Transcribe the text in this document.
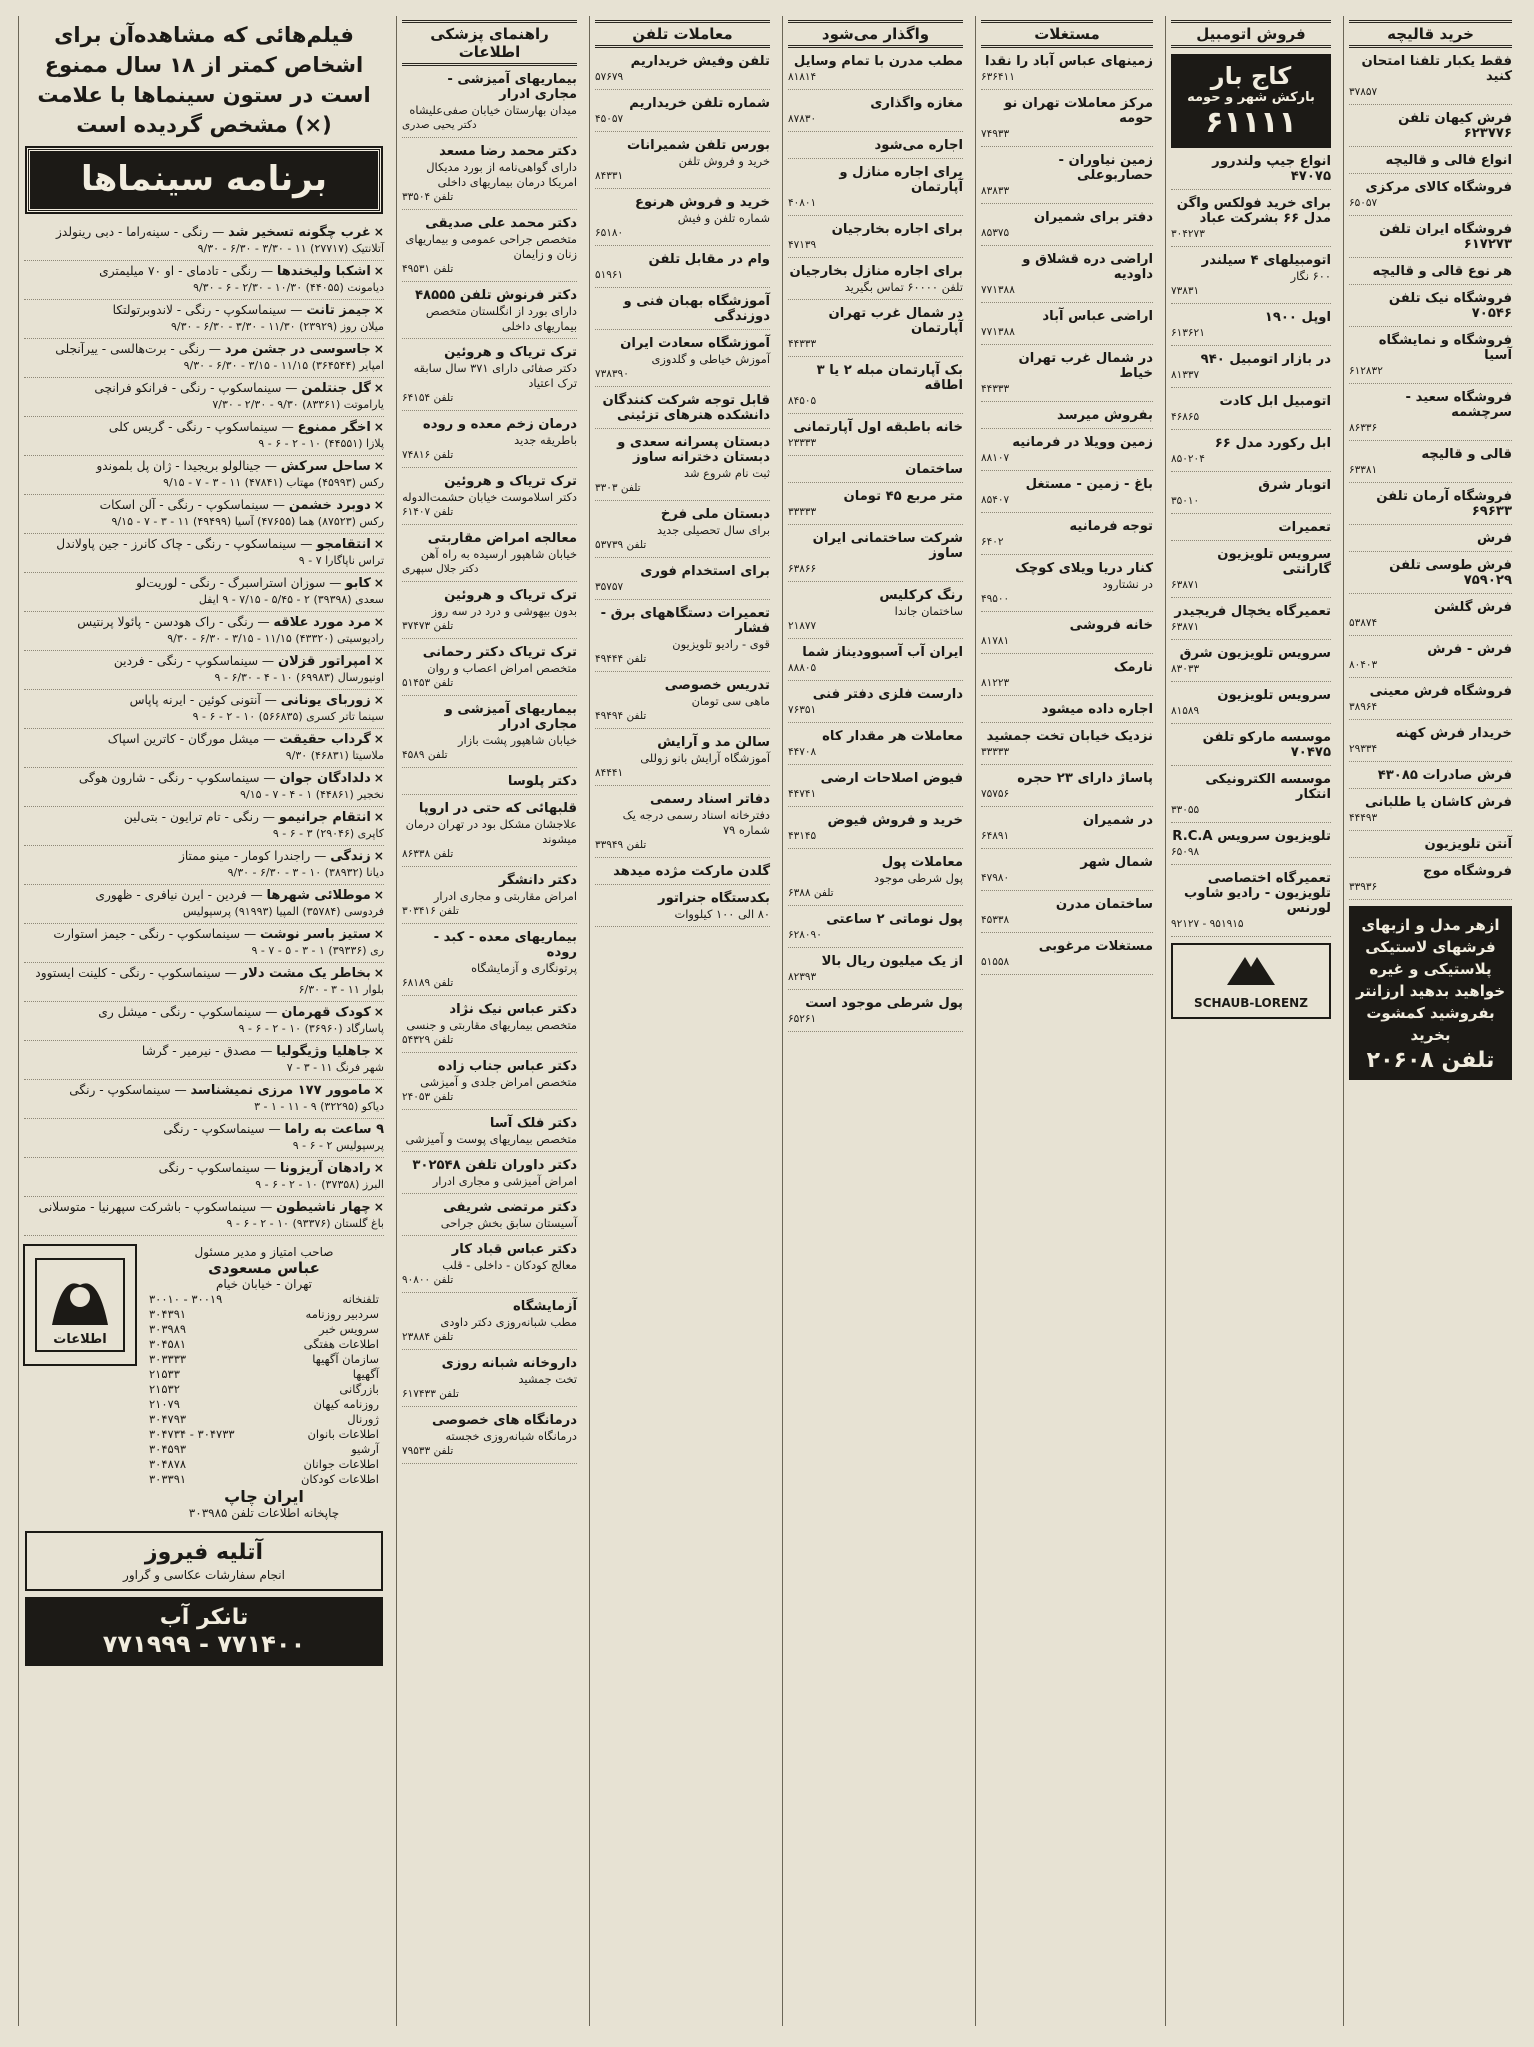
فیلم‌هائی که مشاهده‌آن برای اشخاص کمتر از ۱۸ سال ممنوع است در ستون سینماها با علامت (×) مشخص گردیده است
برنامه سینماها
×غرب چگونه تسخیر شد — رنگی - سینه‌راما - دبی رینولدز
آتلانتیک (۲۷۷۱۷) ۱۱ - ۳/۳۰ - ۶/۳۰ - ۹/۳۰
×اشکبا ولیخندها — رنگی - تادمای - او ۷۰ میلیمتری
دیامونت (۴۴۰۵۵) ۱۰/۳۰ - ۲/۳۰ - ۶ - ۹/۳۰
×جیمز تانت — سینماسکوپ - رنگی - لاندوبرتولتکا
میلان روز (۲۳۹۲۹) ۱۱/۳۰ - ۳/۳۰ - ۶/۳۰ - ۹/۳۰
×جاسوسی در جشن مرد — رنگی - برت‌هالسی - ییرآنجلی
امپایر (۳۶۴۵۴۴) ۱۱/۱۵ - ۳/۱۵ - ۶/۳۰ - ۹/۳۰
×گل جنتلمن — سینماسکوپ - رنگی - فرانکو فرانچی
یاراموتت (۸۳۳۶۱) ۹/۳۰ - ۲/۳۰ - ۷/۳۰
×اخگر ممنوع — سینماسکوپ - رنگی - گریس کلی
پلازا (۴۴۵۵۱) ۱۰ - ۲ - ۶ - ۹
×ساحل سرکش — جینالولو بریجیدا - ژان پل بلموندو
رکس (۴۵۹۹۳) مهتاب (۴۷۸۴۱) ۱۱ - ۳ - ۷ - ۹/۱۵
×دوبرد خشمن — سینماسکوپ - رنگی - آلن اسکات
رکس (۸۷۵۲۳) هما (۴۷۶۵۵) آسیا (۴۹۴۹۹) ۱۱ - ۳ - ۷ - ۹/۱۵
×انتقامجو — سینماسکوپ - رنگی - چاک کانرز - جین پاولاندل
تراس ناپاگارا ۷ - ۹
×کابو — سوزان استراسبرگ - رنگی - لوریت‌لو
سعدی (۳۹۳۹۸) ۲ - ۵/۴۵ - ۷/۱۵ - ۹ ایفل
×مرد مورد علاقه — رنگی - راک هودسن - پائولا پرنتیس
رادیوسیتی (۴۳۳۲۰) ۱۱/۱۵ - ۳/۱۵ - ۶/۳۰ - ۹/۳۰
×امپراتور قزلان — سینماسکوپ - رنگی - فردین
اونیورسال (۶۹۹۸۳) ۱۰ - ۴ - ۶/۳۰ - ۹
×زوربای یونانی — آنتونی کوئین - ایرنه پاپاس
سینما تاتر کسری (۵۶۶۸۳۵) ۱۰ - ۲ - ۶ - ۹
×گرداب حقیقت — میشل مورگان - کاترین اسپاک
ملاسیتا (۴۶۸۳۱) ۹/۳۰
×دلدادگان جوان — سینماسکوپ - رنگی - شارون هوگی
نخجیر (۴۴۸۶۱) ۱ - ۴ - ۷ - ۹/۱۵
×انتقام جرانیمو — رنگی - تام ترایون - بتی‌لین
کاپری (۲۹۰۴۶) ۳ - ۶ - ۹
×زندگی — راجندرا کومار - مینو ممتاز
دیانا (۳۸۹۳۲) ۱۰ - ۳ - ۶/۳۰ - ۹/۳۰
×موطلائی شهرها — فردین - ایرن نیافری - ظهوری
فردوسی (۳۵۷۸۴) المپیا (۹۱۹۹۳) پرسپولیس
×ستیز باسر نوشت — سینماسکوپ - رنگی - جیمز استوارت
ری (۳۹۳۳۶) ۱ - ۳ - ۵ - ۷ - ۹
×بخاطر یک مشت دلار — سینماسکوپ - رنگی - کلینت ایستوود
بلوار ۱۱ - ۳ - ۶/۳۰
×کودک قهرمان — سینماسکوپ - رنگی - میشل ری
پاسارگاد (۳۶۹۶۰) ۱۰ - ۲ - ۶ - ۹
×جاهلیا وژیگولیا — مصدق - نیرمیر - گرشا
شهر فرنگ ۱۱ - ۳ - ۷
×ماموور ۱۷۷ مرزی نمیشناسد — سینماسکوپ - رنگی
دیاکو (۳۲۲۹۵) ۹ - ۱۱ - ۱ - ۳
۹ ساعت به راما — سینماسکوپ - رنگی
پرسپولیس ۲ - ۶ - ۹
×رادهان آریزونا — سینماسکوپ - رنگی
البرز (۳۷۳۵۸) ۱۰ - ۲ - ۶ - ۹
×چهار ناشیطون — سینماسکوپ - باشرکت سپهرنیا - متوسلانی
باغ گلستان (۹۳۳۷۶) ۱۰ - ۲ - ۶ - ۹
اطلاعات
صاحب امتیاز و مدیر مسئول
عباس مسعودی
تهران - خیابان خیام
تلفنخانه
۳۰۰۱۹ - ۳۰۰۱۰
سردبیر روزنامه
۳۰۴۳۹۱
سرویس خبر
۳۰۳۹۸۹
اطلاعات هفتگی
۳۰۴۵۸۱
سازمان آگهیها
۳۰۳۳۳۳
آگهیها
۲۱۵۳۳
بازرگانی
۲۱۵۳۲
روزنامه کیهان
۲۱۰۷۹
ژورنال
۳۰۴۷۹۳
اطلاعات بانوان
۳۰۴۷۳۳ - ۳۰۴۷۳۴
آرشیو
۳۰۴۵۹۳
اطلاعات جوانان
۳۰۴۸۷۸
اطلاعات کودکان
۳۰۳۳۹۱
ایران چاپ
چاپخانه اطلاعات تلفن ۳۰۳۹۸۵
آتلیه فیروز
انجام سفارشات عکاسی و گراور
تانکر آب
۷۷۱۹۹۹ - ۷۷۱۴۰۰
راهنمای پزشکی اطلاعات
بیماریهای آمیزشی - مجاری ادرار
میدان بهارستان خیابان صفی‌علیشاه
دکتر یحیی صدری
دکتر محمد رضا مسعد
دارای گواهی‌نامه از بورد مدیکال امریکا درمان بیماریهای داخلی
تلفن ۳۳۵۰۴
دکتر محمد علی صدیقی
متخصص جراحی عمومی و بیماریهای زنان و زایمان
تلفن ۴۹۵۳۱
دکتر فرنوش تلفن ۴۸۵۵۵
دارای بورد از انگلستان متخصص بیماریهای داخلی
ترک تریاک و هروئین
دکتر صفائی دارای ۳۷۱ سال سابقه ترک اعتیاد
تلفن ۶۴۱۵۴
درمان زخم معده و روده
باطریقه جدید
تلفن ۷۴۸۱۶
ترک تریاک و هروئین
دکتر اسلاموست خیابان حشمت‌الدوله
تلفن ۶۱۴۰۷
معالجه امراض مقاربتی
خیابان شاهپور ارسیده به راه آهن
دکتر جلال سپهری
ترک تریاک و هروئین
بدون بیهوشی و درد در سه روز
تلفن ۳۷۴۷۳
ترک تریاک دکتر رحمانی
متخصص امراض اعصاب و روان
تلفن ۵۱۴۵۳
بیماریهای آمیزشی و مجاری ادرار
خیابان شاهپور پشت بازار
تلفن ۴۵۸۹
دکتر پلوسا
قلبهائی که حتی در اروپا
علاجشان مشکل بود در تهران درمان میشوند
تلفن ۸۶۳۳۸
دکتر دانشگر
امراض مقاربتی و مجاری ادرار
تلفن ۳۰۳۴۱۶
بیماریهای معده - کبد - روده
پرتونگاری و آزمایشگاه
تلفن ۶۸۱۸۹
دکتر عباس نیک نژاد
متخصص بیماریهای مقاربتی و جنسی
تلفن ۵۴۳۲۹
دکتر عباس جناب زاده
متخصص امراض جلدی و آمیزشی
تلفن ۲۴۰۵۳
دکتر فلک آسا
متخصص بیماریهای پوست و آمیزشی
دکتر داوران تلفن ۳۰۲۵۴۸
امراض آمیزشی و مجاری ادرار
دکتر مرتضی شریفی
آسیستان سابق بخش جراحی
دکتر عباس قباد کار
معالج کودکان - داخلی - قلب
تلفن ۹۰۸۰۰
آزمایشگاه
مطب شبانه‌روزی دکتر داودی
تلفن ۲۳۸۸۴
داروخانه شبانه روزی
تخت جمشید
تلفن ۶۱۷۴۳۳
درمانگاه های خصوصی
درمانگاه شبانه‌روزی خجسته
تلفن ۷۹۵۳۳
معاملات تلفن
تلفن وفیش خریداریم
۵۷۶۷۹
شماره تلفن خریداریم
۴۵۰۵۷
بورس تلفن شمیرانات
خرید و فروش تلفن
۸۴۳۳۱
خرید و فروش هرنوع
شماره تلفن و فیش
۶۵۱۸۰
وام در مقابل تلفن
۵۱۹۶۱
آموزشگاه بهبان فنی و دوزندگی
آموزشگاه سعادت ایران
آموزش خیاطی و گلدوزی
۷۳۸۳۹۰
قابل توجه شرکت کنندگان دانشکده هنرهای تزئینی
دبستان پسرانه سعدی و دبستان دخترانه ساوز
ثبت نام شروع شد
تلفن ۳۳۰۳
دبستان ملی فرخ
برای سال تحصیلی جدید
تلفن ۵۳۷۳۹
برای استخدام فوری
۳۵۷۵۷
تعمیرات دستگاههای برق - فشار
قوی - رادیو تلویزیون
تلفن ۴۹۴۴۴
تدریس خصوصی
ماهی سی تومان
تلفن ۴۹۴۹۴
سالن مد و آرایش
آموزشگاه آرایش بانو زوللی
۸۴۴۴۱
دفاتر اسناد رسمی
دفترخانه اسناد رسمی درجه یک شماره ۷۹
تلفن ۳۳۹۴۹
گلدن مارکت مژده میدهد
بکدستگاه جنراتور
۸۰ الی ۱۰۰ کیلووات
واگذار می‌شود
مطب مدرن با تمام وسایل
۸۱۸۱۴
مغازه واگذاری
۸۷۸۳۰
اجاره می‌شود
برای اجاره منازل و آپارتمان
۴۰۸۰۱
برای اجاره بخارجیان
۴۷۱۳۹
برای اجاره منازل بخارجیان
تلفن ۶۰۰۰۰ تماس بگیرید
در شمال غرب تهران آپارتمان
۴۴۳۳۳
بک آپارتمان مبله ۲ یا ۳ اطاقه
۸۴۵۰۵
خانه باطبقه اول آپارتمانی
۲۳۳۳۳
ساختمان
متر مربع ۴۵ تومان
۳۳۳۳۳
شرکت ساختمانی ایران ساوز
۶۳۸۶۶
رنگ کرکلیس
ساختمان جاندا
۲۱۸۷۷
ایران آب آسبوودیناز شما
۸۸۸۰۵
دارست فلزی دفتر فنی
۷۶۳۵۱
معاملات هر مقدار کاه
۴۴۷۰۸
فیوض اصلاحات ارضی
۴۴۷۴۱
خرید و فروش فیوض
۴۳۱۴۵
معاملات پول
پول شرطی موجود
تلفن ۶۳۸۸
پول نوماتی ۲ ساعتی
۶۲۸۰۹۰
از یک میلیون ریال بالا
۸۲۳۹۳
پول شرطی موجود است
۶۵۲۶۱
مستغلات
زمینهای عباس آباد را نقدا
۶۳۶۴۱۱
مرکز معاملات تهران نو حومه
۷۴۹۳۳
زمین نیاوران - حصاربوعلی
۸۳۸۳۳
دفتر برای شمیران
۸۵۳۷۵
اراضی دره قشلاق و داودیه
۷۷۱۳۸۸
اراضی عباس آباد
۷۷۱۳۸۸
در شمال غرب تهران خیاط
۴۴۳۳۳
بفروش میرسد
زمین وویلا در فرمانیه
۸۸۱۰۷
باغ - زمین - مستغل
۸۵۴۰۷
توجه فرمانیه
۶۴۰۲
کنار دریا ویلای کوچک
در نشتارود
۴۹۵۰۰
خانه فروشی
۸۱۷۸۱
نارمک
۸۱۲۲۳
اجاره داده میشود
نزدیک خیابان تخت جمشید
۳۳۳۳۳
پاساژ دارای ۲۳ حجره
۷۵۷۵۶
در شمیران
۶۴۸۹۱
شمال شهر
۴۷۹۸۰
ساختمان مدرن
۴۵۳۳۸
مستغلات مرغوبی
۵۱۵۵۸
فروش اتومبیل
کاج بار
بارکش شهر و حومه
۶۱۱۱۱
انواع جیپ ولندرور ۴۷۰۷۵
برای خرید فولکس واگن مدل ۶۶ بشرکت عباد
۳۰۴۲۷۳
اتومبیلهای ۴ سیلندر
۶۰۰ نگار
۷۳۸۳۱
اوپل ۱۹۰۰
۶۱۳۶۲۱
در بازار اتومبیل ۹۴۰
۸۱۳۳۷
اتومبیل ابل کادت
۴۶۸۶۵
ابل رکورد مدل ۶۶
۸۵۰۲۰۴
اتوبار شرق
۳۵۰۱۰
تعمیرات
سرویس تلویزیون گارانتی
۶۳۸۷۱
تعمیرگاه یخچال فریجیدر
۶۳۸۷۱
سرویس تلویزیون شرق
۸۳۰۳۳
سرویس تلویزیون
۸۱۵۸۹
موسسه مارکو تلفن ۷۰۴۷۵
موسسه الکترونیکی انتکار
۳۳۰۵۵
تلویزیون سرویس R.C.A
۶۵۰۹۸
تعمیرگاه اختصاصی تلویزیون - رادیو شاوب لورنس
۹۲۱۲۷ - ۹۵۱۹۱۵
SCHAUB-LORENZ
خرید قالیچه
فقط یکبار تلفنا امتحان کنید
۳۷۸۵۷
فرش کیهان تلفن ۶۲۳۷۷۶
انواع فالی و قالیچه
فروشگاه کالای مرکزی
۶۵۰۵۷
فروشگاه ایران تلفن ۶۱۷۲۷۳
هر نوع قالی و قالیچه
فروشگاه نیک تلفن ۷۰۵۴۶
فروشگاه و نمایشگاه آسیا
۶۱۲۸۳۲
فروشگاه سعید - سرچشمه
۸۶۳۳۶
قالی و قالیچه
۶۳۳۸۱
فروشگاه آرمان تلفن ۶۹۶۳۳
فرش
فرش طوسی تلفن ۷۵۹۰۲۹
فرش گلشن
۵۳۸۷۴
فرش - فرش
۸۰۴۰۳
فروشگاه فرش معینی
۳۸۹۶۴
خریدار فرش کهنه
۲۹۳۳۴
فرش صادرات ۴۳۰۸۵
فرش کاشان یا طلبانی
۴۴۴۹۳
آنتن تلویزیون
فروشگاه موج
۳۳۹۳۶
ازهر مدل و ازبهای فرشهای لاستیکی پلاستیکی و غیره خواهید بدهید ارزانتر بفروشید کمشوت بخرید
تلفن ۲۰۶۰۸
